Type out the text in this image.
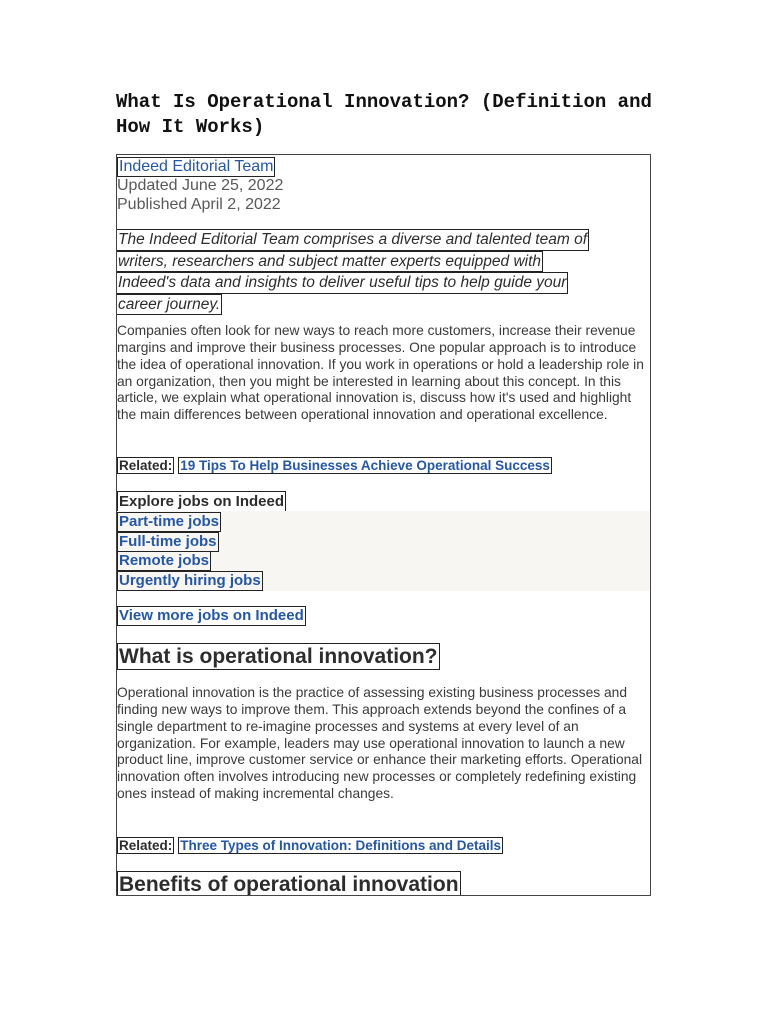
What Is Operational Innovation? (Definition and How It Works)
Indeed Editorial Team
Updated June 25, 2022
Published April 2, 2022

The Indeed Editorial Team comprises a diverse and talented team of
writers, researchers and subject matter experts equipped with
Indeed's data and insights to deliver useful tips to help guide your
career journey.

Companies often look for new ways to reach more customers, increase their revenue margins and improve their business processes. One popular approach is to introduce the idea of operational innovation. If you work in operations or hold a leadership role in an organization, then you might be interested in learning about this concept. In this article, we explain what operational innovation is, discuss how it's used and highlight the main differences between operational innovation and operational excellence.

Related: 19 Tips To Help Businesses Achieve Operational Success
Explore jobs on Indeed
Part-time jobs
Full-time jobs
Remote jobs
Urgently hiring jobs
View more jobs on Indeed
What is operational innovation?

Operational innovation is the practice of assessing existing business processes and finding new ways to improve them. This approach extends beyond the confines of a single department to re-imagine processes and systems at every level of an organization. For example, leaders may use operational innovation to launch a new product line, improve customer service or enhance their marketing efforts. Operational innovation often involves introducing new processes or completely redefining existing ones instead of making incremental changes.

Related: Three Types of Innovation: Definitions and Details
Benefits of operational innovation
